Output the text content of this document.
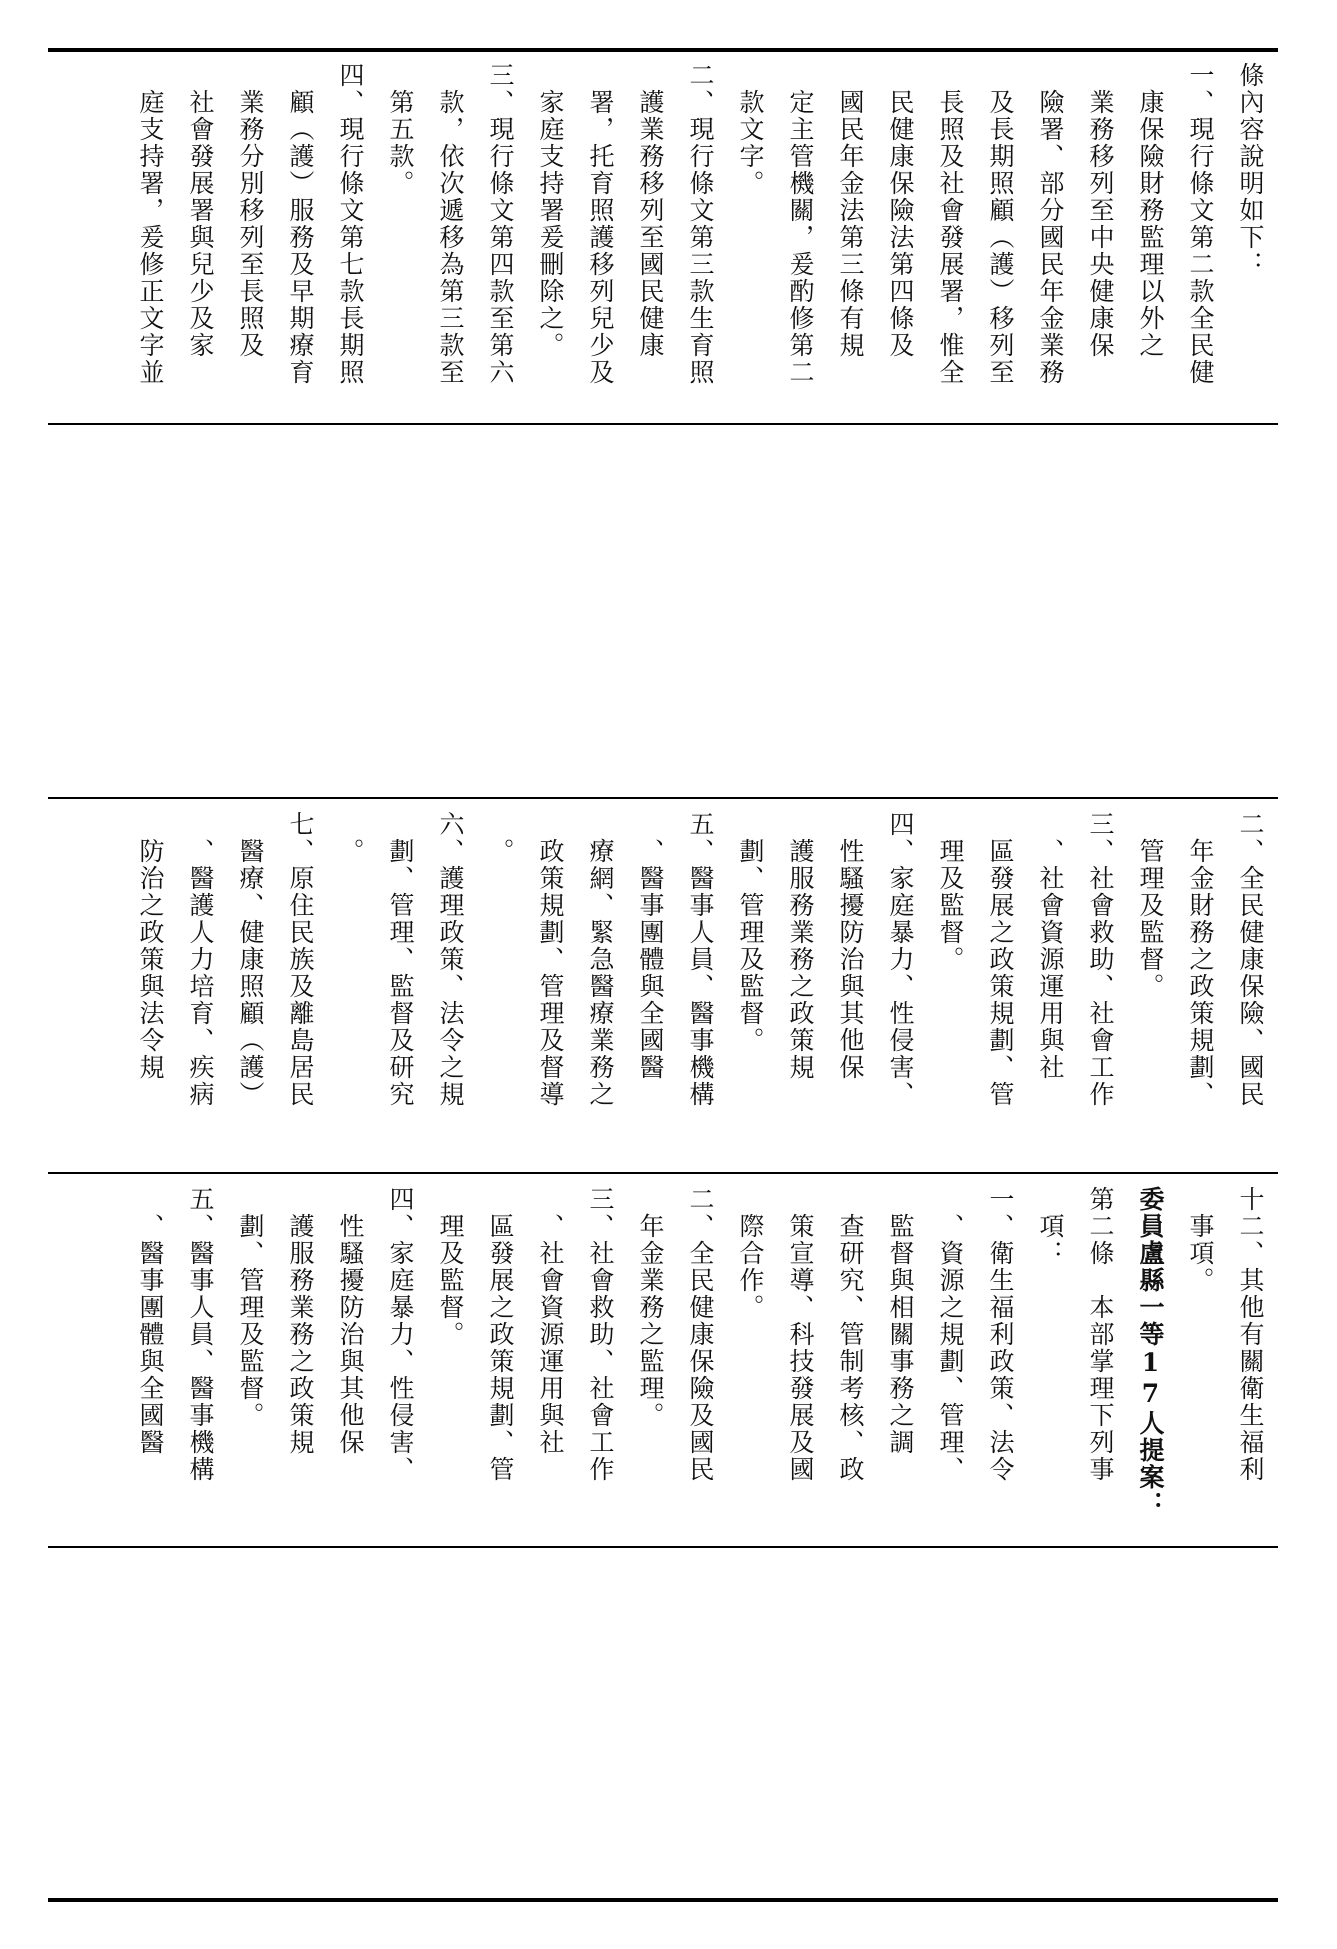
條內容說明如下：
一、現行條文第二款全民健
　康保險財務監理以外之
　業務移列至中央健康保
　險署、部分國民年金業務
　及長期照顧（護）移列至
　長照及社會發展署，惟全
　民健康保險法第四條及
　國民年金法第三條有規
　定主管機關，爰酌修第二
　款文字。
二、現行條文第三款生育照
　護業務移列至國民健康
　署，托育照護移列兒少及
　家庭支持署爰刪除之。
三、現行條文第四款至第六
　款，依次遞移為第三款至
　第五款。
四、現行條文第七款長期照
　顧（護）服務及早期療育
　業務分別移列至長照及
　社會發展署與兒少及家
　庭支持署，爰修正文字並
二、全民健康保險、國民
　年金財務之政策規劃、
　管理及監督。
三、社會救助、社會工作
　、社會資源運用與社
　區發展之政策規劃、管
　理及監督。
四、家庭暴力、性侵害、
　性騷擾防治與其他保
　護服務業務之政策規
　劃、管理及監督。
五、醫事人員、醫事機構
　、醫事團體與全國醫
　療網、緊急醫療業務之
　政策規劃、管理及督導
　。
六、護理政策、法令之規
　劃、管理、監督及研究
　。
七、原住民族及離島居民
　醫療、健康照顧（護）
　、醫護人力培育、疾病
　防治之政策與法令規
十二、其他有關衛生福利
　事項。
委員盧縣一等17人提案：
第二條　本部掌理下列事
　項：
一、衛生福利政策、法令
　、資源之規劃、管理、
　監督與相關事務之調
　查研究、管制考核、政
　策宣導、科技發展及國
　際合作。
二、全民健康保險及國民
　年金業務之監理。
三、社會救助、社會工作
　、社會資源運用與社
　區發展之政策規劃、管
　理及監督。
四、家庭暴力、性侵害、
　性騷擾防治與其他保
　護服務業務之政策規
　劃、管理及監督。
五、醫事人員、醫事機構
　、醫事團體與全國醫
